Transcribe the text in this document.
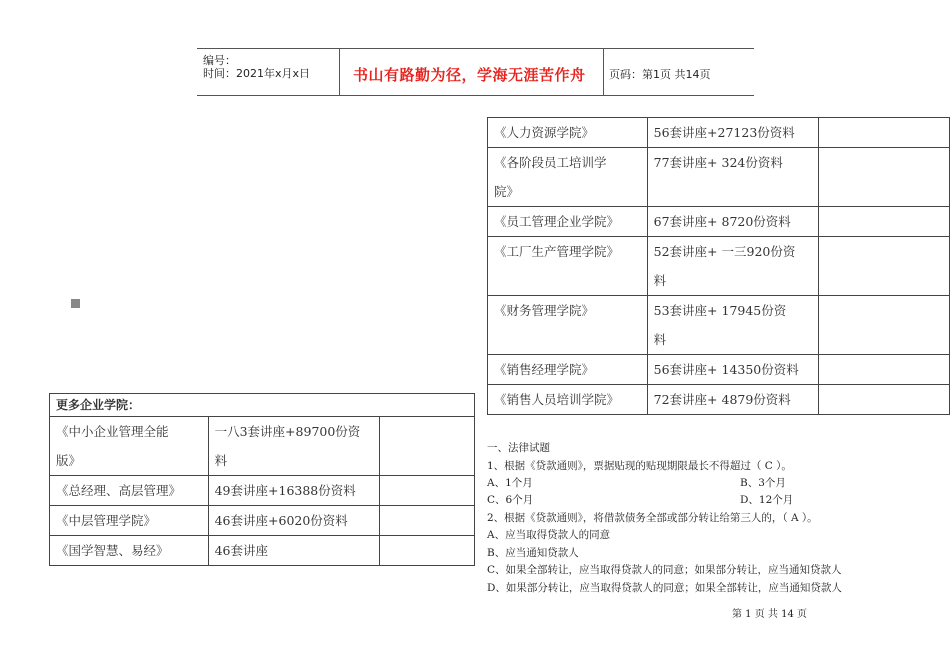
编号：
时间：2021年x月x日	书山有路勤为径，学海无涯苦作舟 页码：第1页 共14页
《人力资源学院》	56套讲座+27123份资料	
《各阶段员工培训学
院》	77套讲座+ 324份资料	
《员工管理企业学院》	67套讲座+ 8720份资料	
《工厂生产管理学院》	52套讲座+ 一三920份资
料	
《财务管理学院》	53套讲座+ 17945份资
料	
《销售经理学院》	56套讲座+ 14350份资料	
《销售人员培训学院》	72套讲座+ 4879份资料	
更多企业学院：		
《中小企业管理全能
版》	一八3套讲座+89700份资
料	
《总经理、高层管理》	49套讲座+16388份资料	
《中层管理学院》	46套讲座+6020份资料	
《国学智慧、易经》	46套讲座	
一、法律试题
1、根据《贷款通则》，票据贴现的贴现期限最长不得超过（ C ）。
A、1个月	B、3个月
C、6个月	D、12个月
2、根据《贷款通则》，将借款债务全部或部分转让给第三人的，（ A ）。
A、应当取得贷款人的同意
B、应当通知贷款人
C、如果全部转让，应当取得贷款人的同意；如果部分转让，应当通知贷款人
D、如果部分转让，应当取得贷款人的同意；如果全部转让，应当通知贷款人
第 1 页 共 14 页
